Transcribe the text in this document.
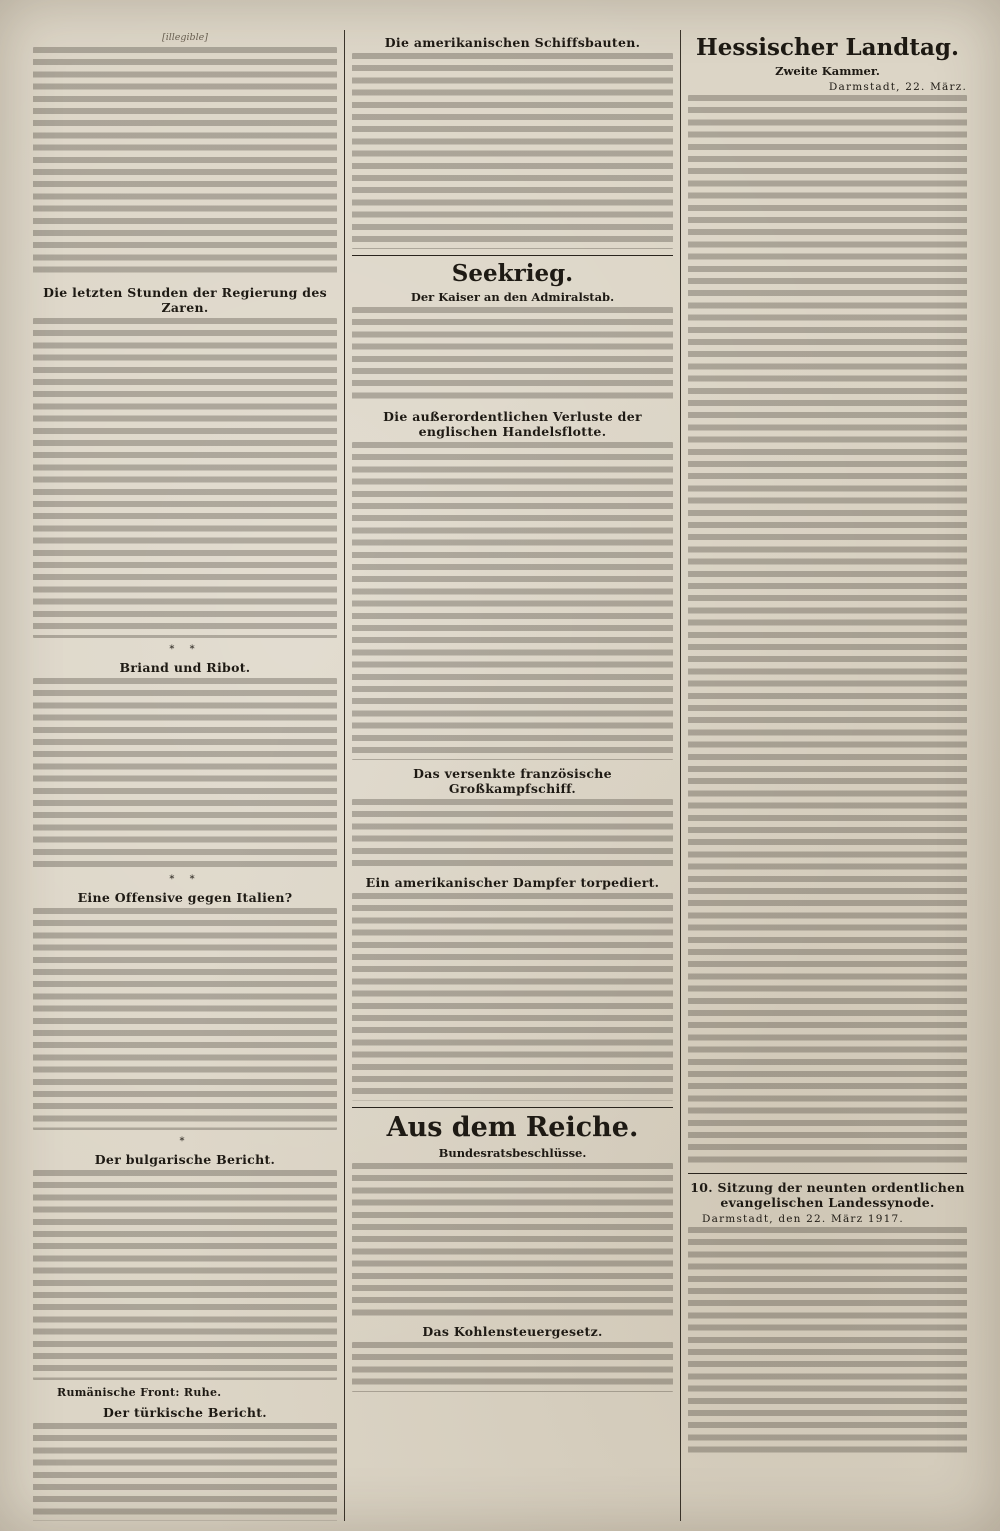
[illegible]
Die letzten Stunden der Regierung des Zaren.
* *
Briand und Ribot.
* *
Eine Offensive gegen Italien?
*
Der bulgarische Bericht.
Rumänische Front: Ruhe.
Der türkische Bericht.
Die amerikanischen Schiffsbauten.
Seekrieg.
Der Kaiser an den Admiralstab.
Die außerordentlichen Verluste der englischen Handelsflotte.
Das versenkte französische Großkampfschiff.
Ein amerikanischer Dampfer torpediert.
Aus dem Reiche.
Bundesratsbeschlüsse.
Das Kohlensteuergesetz.
Hessischer Landtag.
Zweite Kammer.
Darmstadt, 22. März.
10. Sitzung der neunten ordentlichen evangelischen Landessynode.
Darmstadt, den 22. März 1917.
